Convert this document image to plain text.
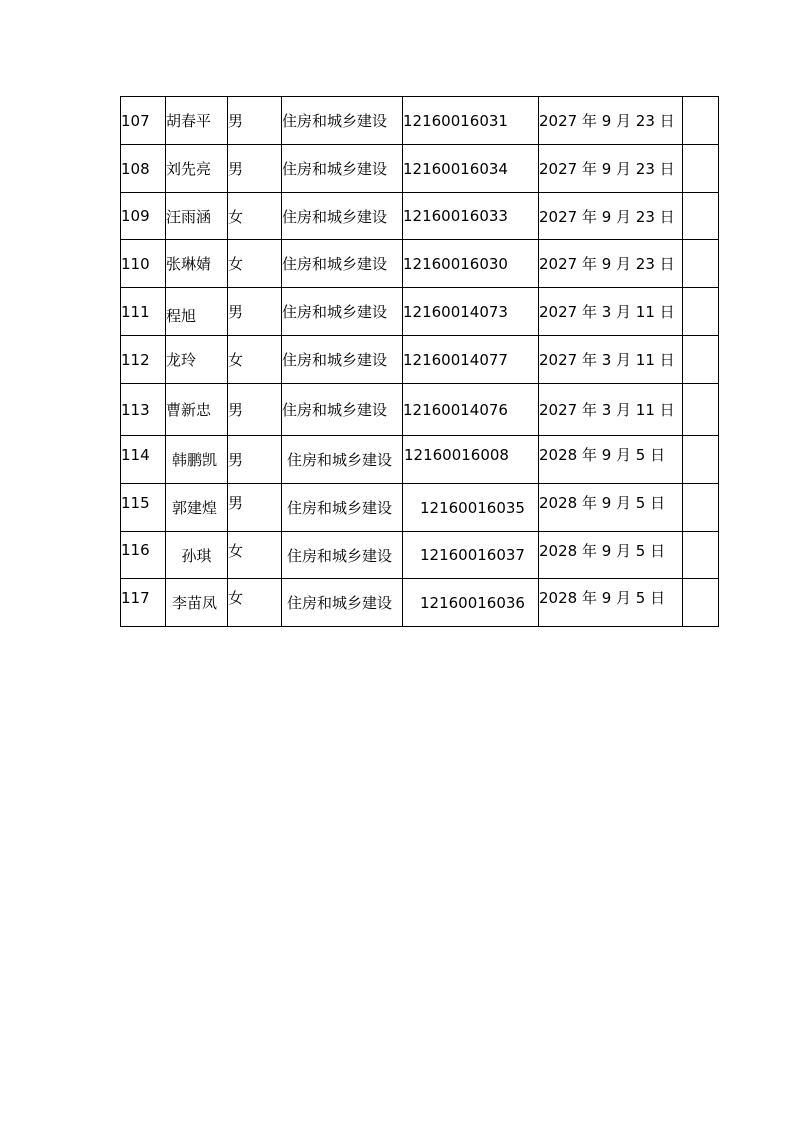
107	胡春平	男	住房和城乡建设	12160016031	2027 年 9 月 23 日	
108	刘先亮	男	住房和城乡建设	12160016034	2027 年 9 月 23 日	
109	汪雨涵	女	住房和城乡建设	12160016033	2027 年 9 月 23 日	
110	张琳婧	女	住房和城乡建设	12160016030	2027 年 9 月 23 日	
111	程旭	男	住房和城乡建设	12160014073	2027 年 3 月 11 日	
112	龙玲	女	住房和城乡建设	12160014077	2027 年 3 月 11 日	
113	曹新忠	男	住房和城乡建设	12160014076	2027 年 3 月 11 日	
114	韩鹏凯	男	住房和城乡建设	12160016008	2028 年 9 月 5 日	
115	郭建煌	男	住房和城乡建设	12160016035	2028 年 9 月 5 日	
116	孙琪	女	住房和城乡建设	12160016037	2028 年 9 月 5 日	
117	李苗凤	女	住房和城乡建设	12160016036	2028 年 9 月 5 日	
